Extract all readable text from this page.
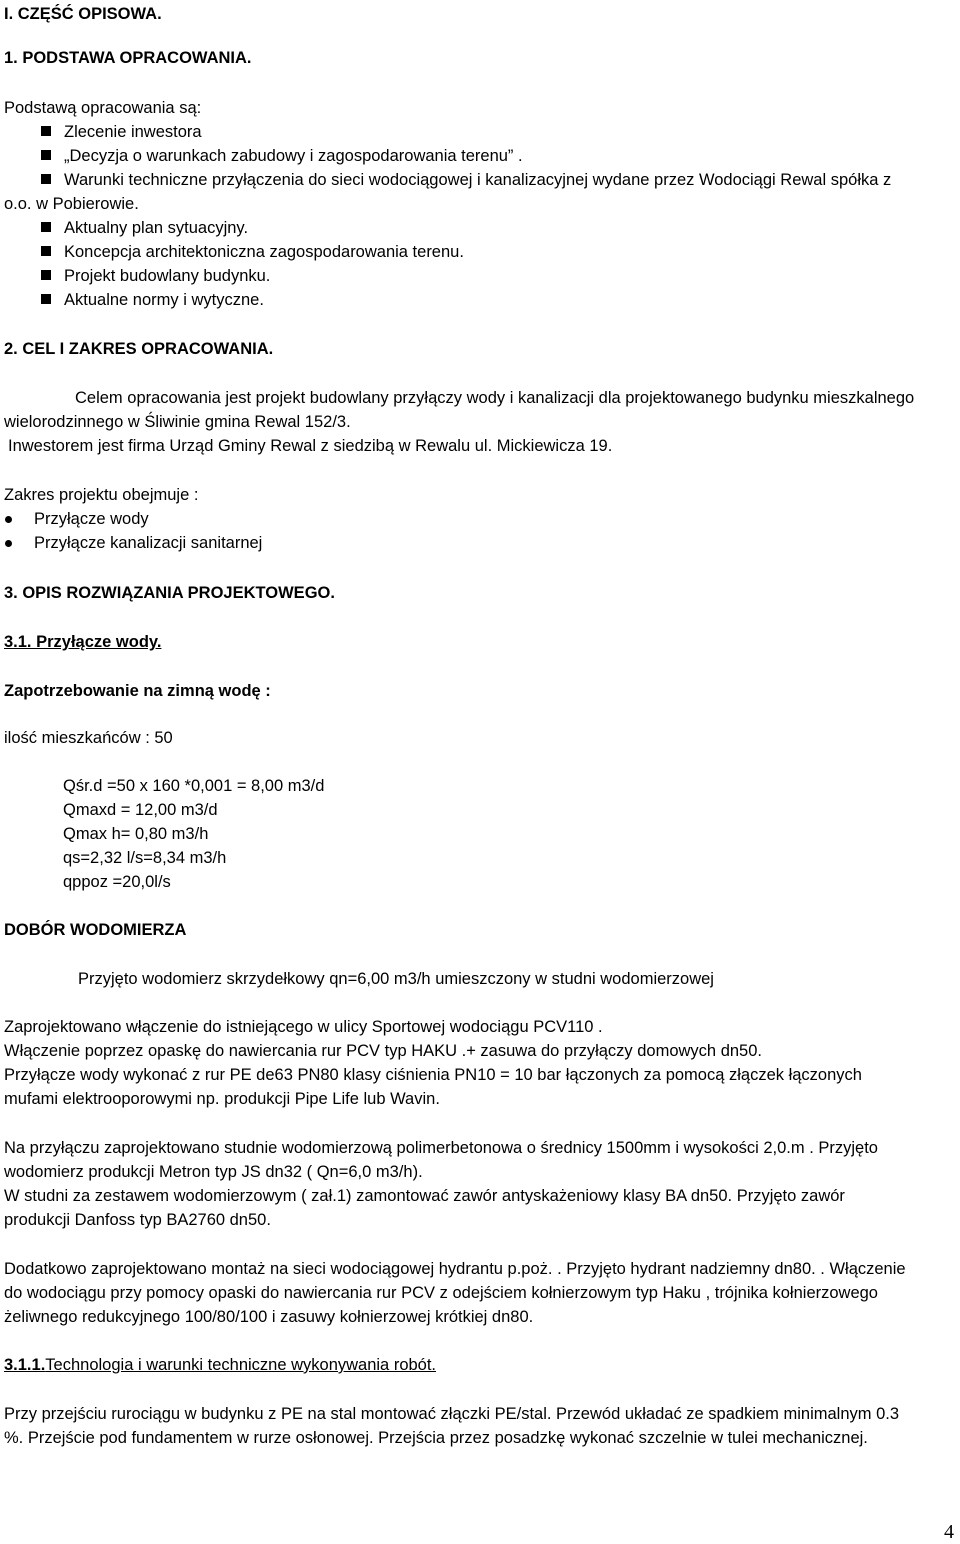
I. CZĘŚĆ OPISOWA.
1. PODSTAWA OPRACOWANIA.
Podstawą opracowania są:
Zlecenie inwestora
„Decyzja o warunkach zabudowy i zagospodarowania terenu” .
Warunki techniczne przyłączenia do sieci wodociągowej i kanalizacyjnej wydane przez Wodociągi Rewal spółka z
o.o. w Pobierowie.
Aktualny plan sytuacyjny.
Koncepcja architektoniczna zagospodarowania terenu.
Projekt budowlany budynku.
Aktualne normy i wytyczne.
2. CEL I ZAKRES OPRACOWANIA.
Celem opracowania jest projekt budowlany przyłączy wody i kanalizacji dla projektowanego budynku mieszkalnego
wielorodzinnego w Śliwinie gmina Rewal 152/3.
Inwestorem jest firma Urząd Gminy Rewal z siedzibą w Rewalu ul. Mickiewicza 19.
Zakres projektu obejmuje :
Przyłącze wody
Przyłącze kanalizacji sanitarnej
3. OPIS ROZWIĄZANIA PROJEKTOWEGO.
3.1. Przyłącze wody.
Zapotrzebowanie na zimną wodę :
ilość mieszkańców : 50
Qśr.d =50 x 160 *0,001 = 8,00 m3/d
Qmaxd = 12,00 m3/d
Qmax h= 0,80 m3/h
qs=2,32 l/s=8,34 m3/h
qppoz =20,0l/s
DOBÓR WODOMIERZA
Przyjęto wodomierz skrzydełkowy qn=6,00 m3/h umieszczony w studni wodomierzowej
Zaprojektowano włączenie do istniejącego w ulicy Sportowej wodociągu PCV110 .
Włączenie poprzez opaskę do nawiercania rur PCV typ HAKU .+ zasuwa do przyłączy domowych dn50.
Przyłącze wody wykonać z rur PE de63 PN80 klasy ciśnienia PN10 = 10 bar łączonych za pomocą złączek łączonych
mufami elektrooporowymi np. produkcji Pipe Life lub Wavin.
Na przyłączu zaprojektowano studnie wodomierzową polimerbetonowa o średnicy 1500mm i wysokości 2,0.m . Przyjęto
wodomierz produkcji Metron typ JS dn32 ( Qn=6,0 m3/h).
W studni za zestawem wodomierzowym ( zał.1) zamontować zawór antyskażeniowy klasy BA dn50. Przyjęto zawór
produkcji Danfoss typ BA2760 dn50.
Dodatkowo zaprojektowano montaż na sieci wodociągowej hydrantu p.poż. . Przyjęto hydrant nadziemny dn80. . Włączenie
do wodociągu przy pomocy opaski do nawiercania rur PCV z odejściem kołnierzowym typ Haku , trójnika kołnierzowego
żeliwnego redukcyjnego 100/80/100 i zasuwy kołnierzowej krótkiej dn80.
3.1.1.Technologia i warunki techniczne wykonywania robót.
Przy przejściu rurociągu w budynku z PE na stal montować złączki PE/stal. Przewód układać ze spadkiem minimalnym 0.3
%. Przejście pod fundamentem w rurze osłonowej. Przejścia przez posadzkę wykonać szczelnie w tulei mechanicznej.
4
